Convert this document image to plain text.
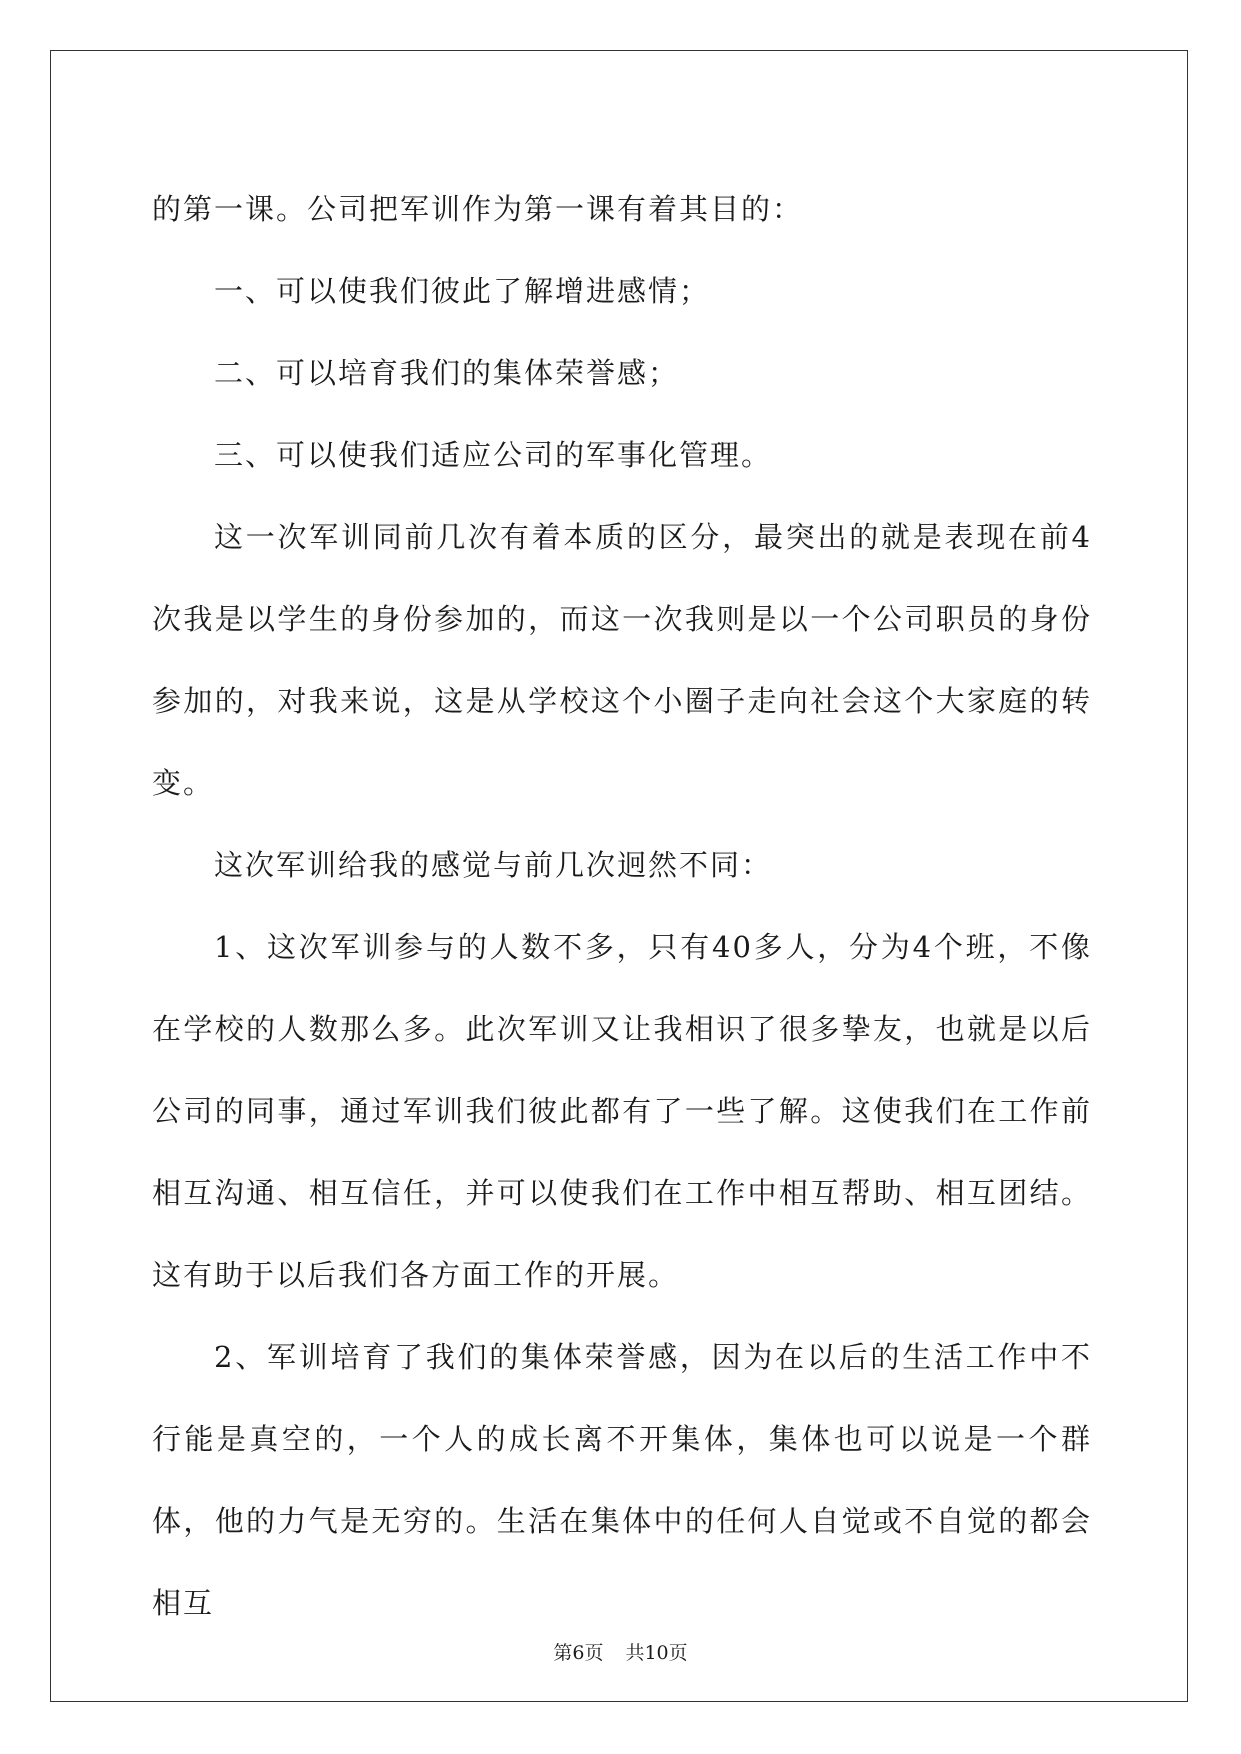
的第一课。公司把军训作为第一课有着其目的：

一、可以使我们彼此了解增进感情；

二、可以培育我们的集体荣誉感；

三、可以使我们适应公司的军事化管理。

这一次军训同前几次有着本质的区分，最突出的就是表现在前4次我是以学生的身份参加的，而这一次我则是以一个公司职员的身份参加的，对我来说，这是从学校这个小圈子走向社会这个大家庭的转变。

这次军训给我的感觉与前几次迥然不同：

1、这次军训参与的人数不多，只有40多人，分为4个班，不像在学校的人数那么多。此次军训又让我相识了很多挚友，也就是以后公司的同事，通过军训我们彼此都有了一些了解。这使我们在工作前相互沟通、相互信任，并可以使我们在工作中相互帮助、相互团结。这有助于以后我们各方面工作的开展。

2、军训培育了我们的集体荣誉感，因为在以后的生活工作中不行能是真空的，一个人的成长离不开集体，集体也可以说是一个群体，他的力气是无穷的。生活在集体中的任何人自觉或不自觉的都会相互

第6页 共10页
